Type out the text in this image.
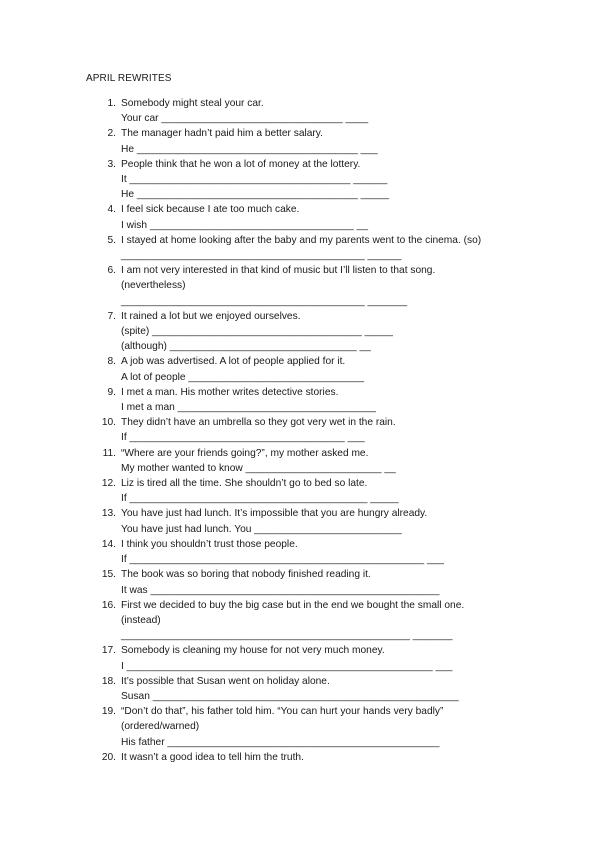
APRIL REWRITES
1. Somebody might steal your car.
Your car ________________________________ ____
2. The manager hadn’t paid him a better salary.
He _______________________________________ ___
3. People think that he won a lot of money at the lottery.
It _______________________________________ ______
He _______________________________________ _____
4. I feel sick because I ate too much cake.
I wish ____________________________________ __
5. I stayed at home looking after the baby and my parents went to the cinema. (so)
___________________________________________ ______
6. I am not very interested in that kind of music but I’ll listen to that song.
(nevertheless)
___________________________________________ _______
7. It rained a lot but we enjoyed ourselves.
(spite) _____________________________________ _____
(although) _________________________________ __
8. A job was advertised. A lot of people applied for it.
A lot of people _______________________________
9. I met a man. His mother writes detective stories.
I met a man ___________________________________
10. They didn’t have an umbrella so they got very wet in the rain.
If ______________________________________ ___
11. “Where are your friends going?”, my mother asked me.
My mother wanted to know ________________________ __
12. Liz is tired all the time. She shouldn’t go to bed so late.
If __________________________________________ _____
13. You have just had lunch. It’s impossible that you are hungry already.
You have just had lunch. You __________________________
14. I think you shouldn’t trust those people.
If ____________________________________________________ ___
15. The book was so boring that nobody finished reading it.
It was ___________________________________________________
16. First we decided to buy the big case but in the end we bought the small one.
(instead)
___________________________________________________ _______
17. Somebody is cleaning my house for not very much money.
I ______________________________________________________ ___
18. It’s possible that Susan went on holiday alone.
Susan ______________________________________________________
19. “Don’t do that”, his father told him. “You can hurt your hands very badly”
(ordered/warned)
His father ________________________________________________
20. It wasn’t a good idea to tell him the truth.
